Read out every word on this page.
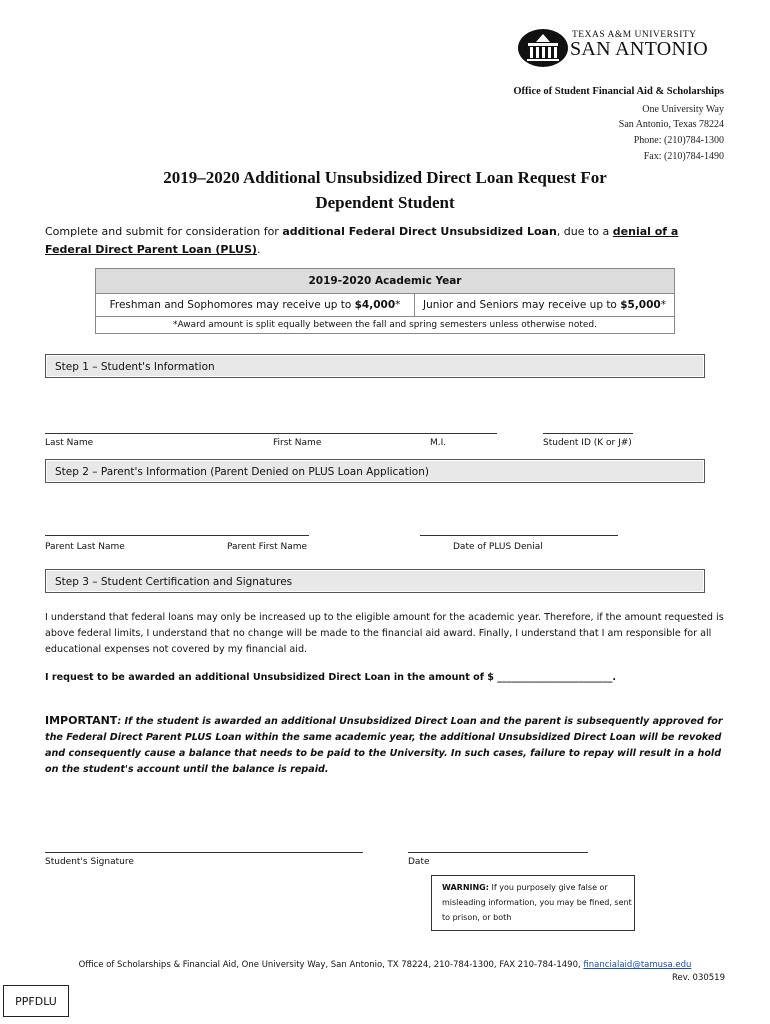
TEXAS A&M UNIVERSITY
SAN ANTONIO
Office of Student Financial Aid & Scholarships
One University Way
San Antonio, Texas 78224
Phone: (210)784-1300
Fax: (210)784-1490
2019–2020 Additional Unsubsidized Direct Loan Request For
Dependent Student
Complete and submit for consideration for additional Federal Direct Unsubsidized Loan, due to a denial of a Federal Direct Parent Loan (PLUS).
2019-2020 Academic Year
Freshman and Sophomores may receive up to $4,000*	Junior and Seniors may receive up to $5,000*
*Award amount is split equally between the fall and spring semesters unless otherwise noted.
Step 1 – Student's Information
Last Name	First Name	M.I.	Student ID (K or J#)
Step 2 – Parent's Information (Parent Denied on PLUS Loan Application)
Parent Last Name	Parent First Name	Date of PLUS Denial
Step 3 – Student Certification and Signatures
I understand that federal loans may only be increased up to the eligible amount for the academic year. Therefore, if the amount requested is above federal limits, I understand that no change will be made to the financial aid award. Finally, I understand that I am responsible for all educational expenses not covered by my financial aid.
I request to be awarded an additional Unsubsidized Direct Loan in the amount of $ ________________________.
IMPORTANT: If the student is awarded an additional Unsubsidized Direct Loan and the parent is subsequently approved for the Federal Direct Parent PLUS Loan within the same academic year, the additional Unsubsidized Direct Loan will be revoked and consequently cause a balance that needs to be paid to the University. In such cases, failure to repay will result in a hold on the student's account until the balance is repaid.
Student's Signature	Date
WARNING: If you purposely give false or misleading information, you may be fined, sent to prison, or both
Office of Scholarships & Financial Aid, One University Way, San Antonio, TX 78224, 210-784-1300, FAX 210-784-1490, financialaid@tamusa.edu
Rev. 030519
PPFDLU
